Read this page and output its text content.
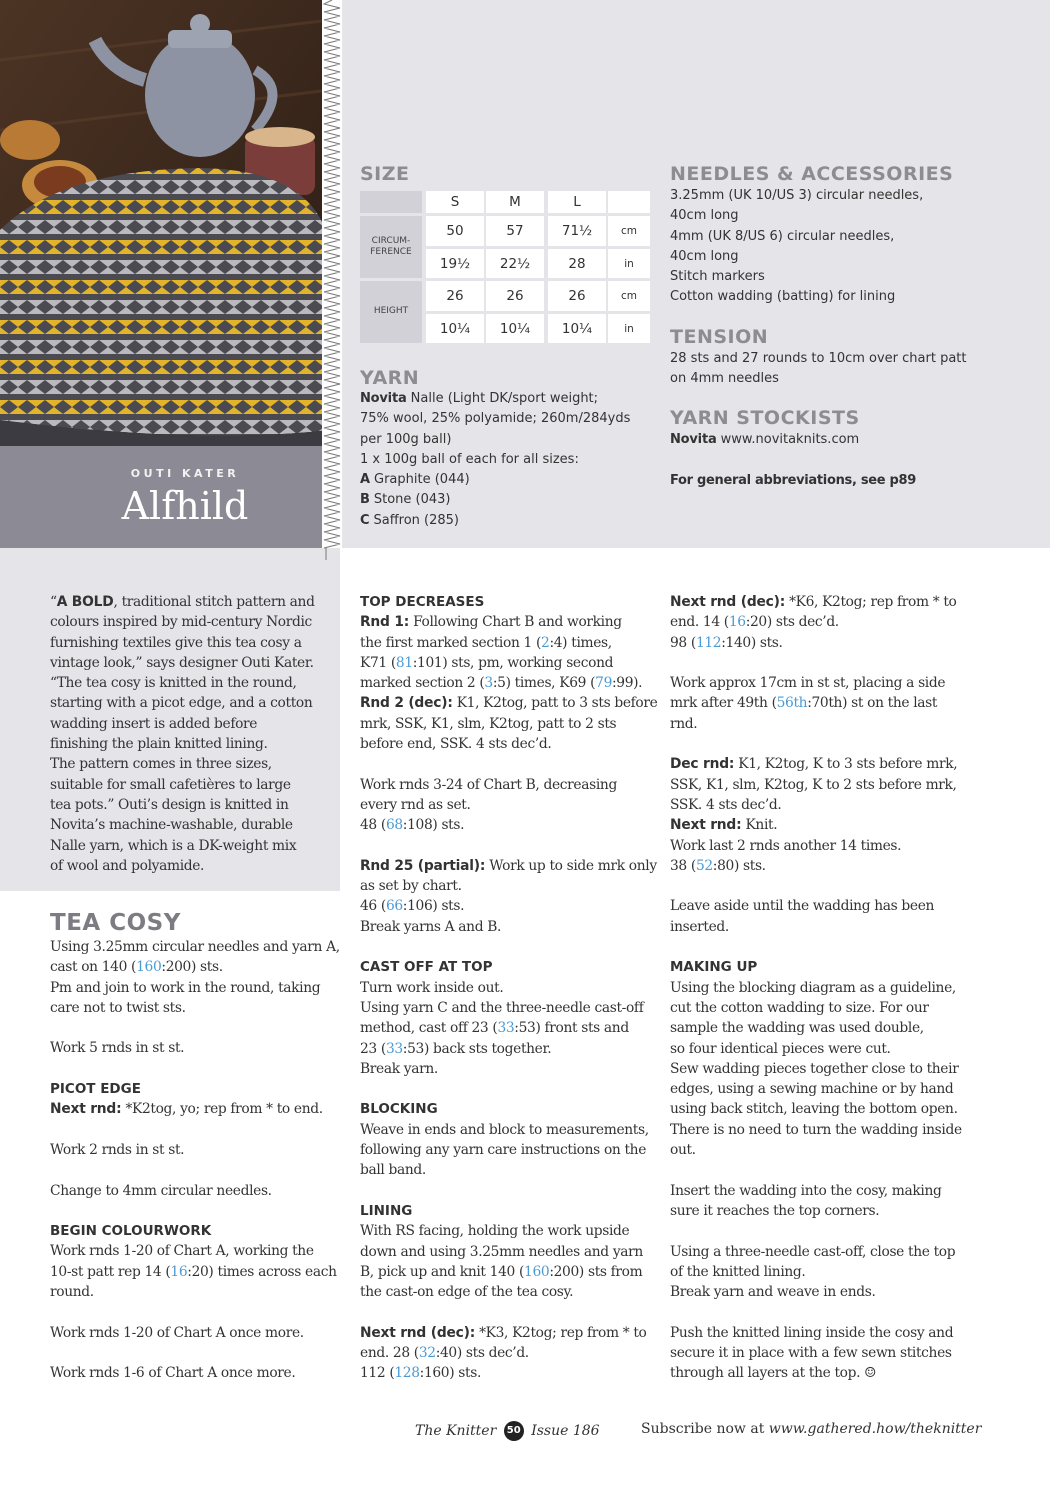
OUTI KATER
Alfhild
SIZE
S	M	L
CIRCUM-
FERENCE
50	57	71½	cm
19½	22½	28	in
HEIGHT
26	26	26	cm
10¼	10¼	10¼	in
YARN
Novita Nalle (Light DK/sport weight;
75% wool, 25% polyamide; 260m/284yds
per 100g ball)
1 x 100g ball of each for all sizes:
A Graphite (044)
B Stone (043)
C Saffron (285)
NEEDLES & ACCESSORIES
3.25mm (UK 10/US 3) circular needles,
40cm long
4mm (UK 8/US 6) circular needles,
40cm long
Stitch markers
Cotton wadding (batting) for lining
TENSION
28 sts and 27 rounds to 10cm over chart patt
on 4mm needles
YARN STOCKISTS
Novita www.novitaknits.com
For general abbreviations, see p89
“A BOLD, traditional stitch pattern and
colours inspired by mid-century Nordic
furnishing textiles give this tea cosy a
vintage look,” says designer Outi Kater.
“The tea cosy is knitted in the round,
starting with a picot edge, and a cotton
wadding insert is added before
finishing the plain knitted lining.
The pattern comes in three sizes,
suitable for small cafetières to large
tea pots.” Outi’s design is knitted in
Novita’s machine-washable, durable
Nalle yarn, which is a DK-weight mix
of wool and polyamide.
TEA COSY
Using 3.25mm circular needles and yarn A,
cast on 140 (160:200) sts.
Pm and join to work in the round, taking
care not to twist sts.
Work 5 rnds in st st.
PICOT EDGE
Next rnd: *K2tog, yo; rep from * to end.
Work 2 rnds in st st.
Change to 4mm circular needles.
BEGIN COLOURWORK
Work rnds 1‑20 of Chart A, working the
10‑st patt rep 14 (16:20) times across each
round.
Work rnds 1-20 of Chart A once more.
Work rnds 1-6 of Chart A once more.
TOP DECREASES
Rnd 1: Following Chart B and working
the first marked section 1 (2:4) times,
K71 (81:101) sts, pm, working second
marked section 2 (3:5) times, K69 (79:99).
Rnd 2 (dec): K1, K2tog, patt to 3 sts before
mrk, SSK, K1, slm, K2tog, patt to 2 sts
before end, SSK. 4 sts dec’d.
Work rnds 3‑24 of Chart B, decreasing
every rnd as set.
48 (68:108) sts.
Rnd 25 (partial): Work up to side mrk only
as set by chart.
46 (66:106) sts.
Break yarns A and B.
CAST OFF AT TOP
Turn work inside out.
Using yarn C and the three‑needle cast‑off
method, cast off 23 (33:53) front sts and
23 (33:53) back sts together.
Break yarn.
BLOCKING
Weave in ends and block to measurements,
following any yarn care instructions on the
ball band.
LINING
With RS facing, holding the work upside
down and using 3.25mm needles and yarn
B, pick up and knit 140 (160:200) sts from
the cast‑on edge of the tea cosy.
Next rnd (dec): *K3, K2tog; rep from * to
end. 28 (32:40) sts dec’d.
112 (128:160) sts.
Next rnd (dec): *K6, K2tog; rep from * to
end. 14 (16:20) sts dec’d.
98 (112:140) sts.
Work approx 17cm in st st, placing a side
mrk after 49th (56th:70th) st on the last
rnd.
Dec rnd: K1, K2tog, K to 3 sts before mrk,
SSK, K1, slm, K2tog, K to 2 sts before mrk,
SSK. 4 sts dec’d.
Next rnd: Knit.
Work last 2 rnds another 14 times.
38 (52:80) sts.
Leave aside until the wadding has been
inserted.
MAKING UP
Using the blocking diagram as a guideline,
cut the cotton wadding to size. For our
sample the wadding was used double,
so four identical pieces were cut.
Sew wadding pieces together close to their
edges, using a sewing machine or by hand
using back stitch, leaving the bottom open.
There is no need to turn the wadding inside
out.
Insert the wadding into the cosy, making
sure it reaches the top corners.
Using a three‑needle cast‑off, close the top
of the knitted lining.
Break yarn and weave in ends.
Push the knitted lining inside the cosy and
secure it in place with a few sewn stitches
through all layers at the top. ☺
The Knitter 50 Issue 186	Subscribe now at www.gathered.how/theknitter
